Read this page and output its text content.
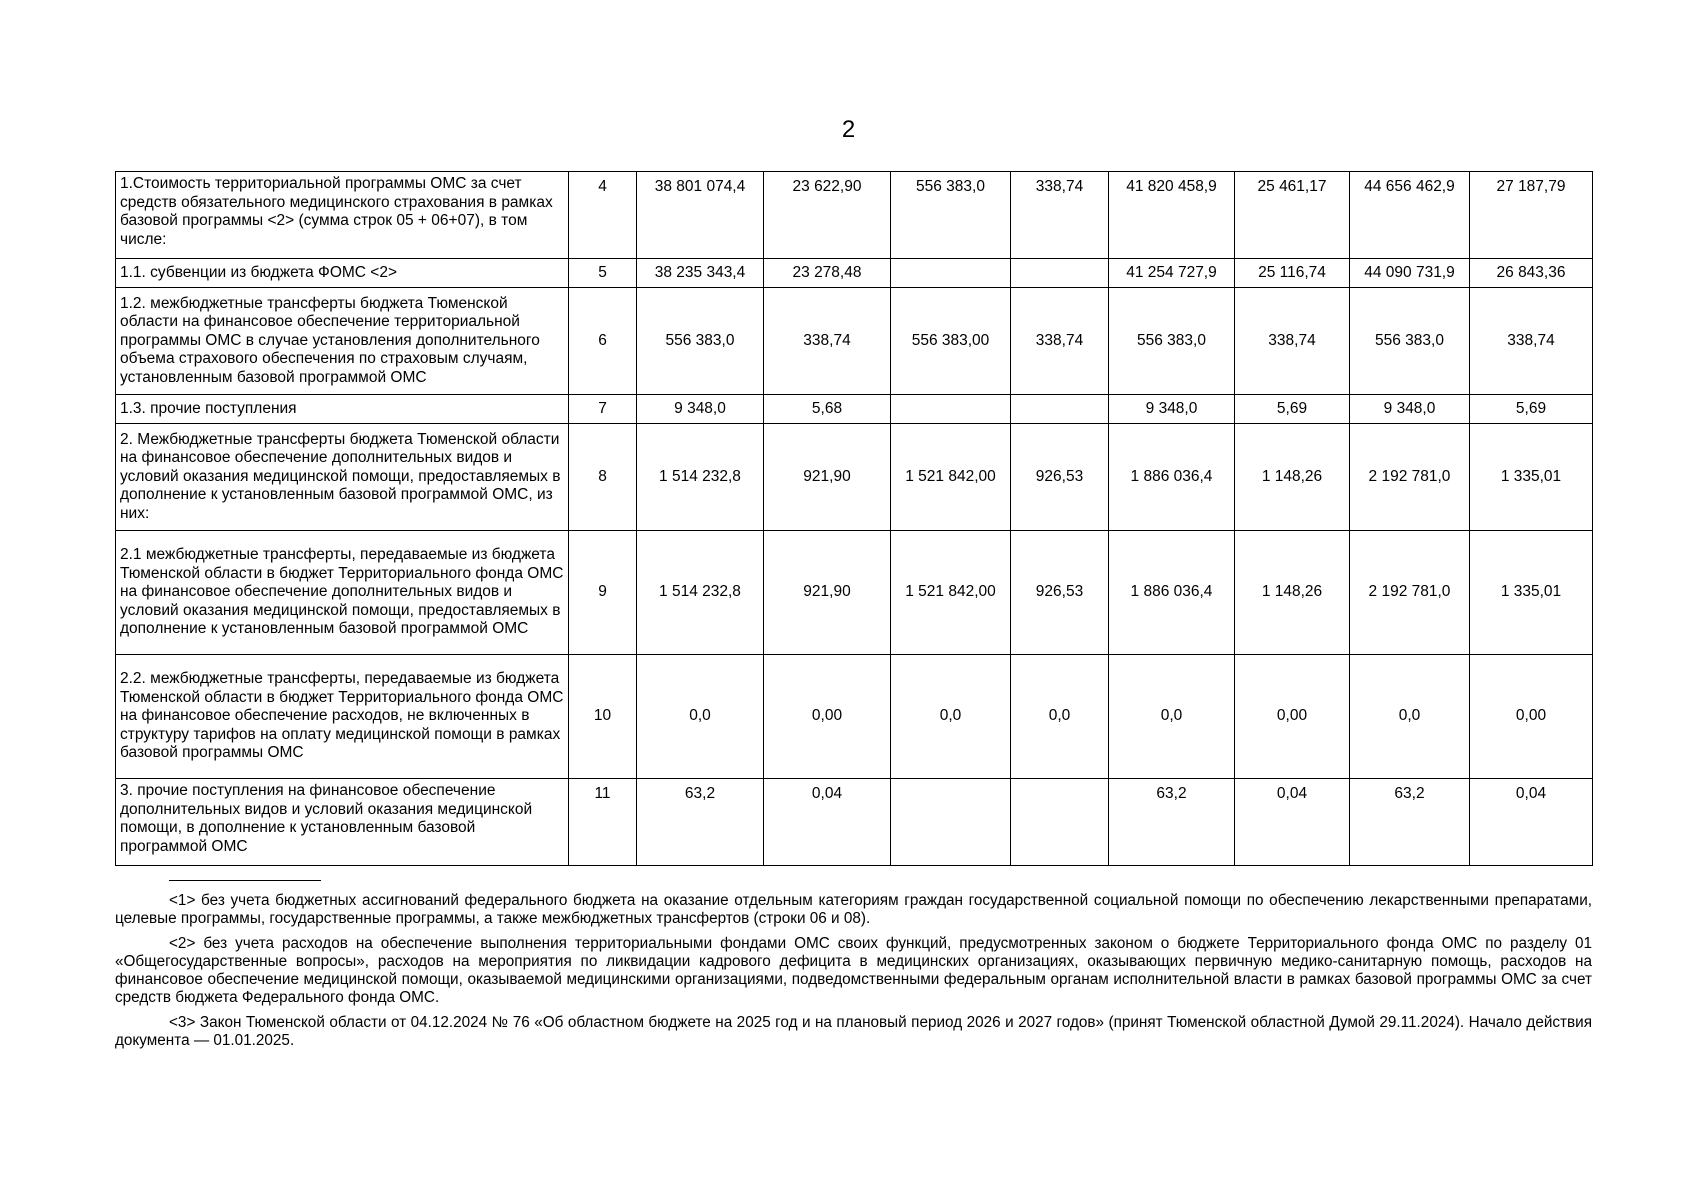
2
1.Стоимость территориальной программы ОМС за счет средств обязательного медицинского страхования в рамках базовой программы <2> (сумма строк 05 + 06+07), в том числе:	4	38 801 074,4	23 622,90	556 383,0	338,74	41 820 458,9	25 461,17	44 656 462,9	27 187,79
1.1. субвенции из бюджета ФОМС <2>	5	38 235 343,4	23 278,48			41 254 727,9	25 116,74	44 090 731,9	26 843,36
1.2. межбюджетные трансферты бюджета Тюменской области на финансовое обеспечение территориальной программы ОМС в случае установления дополнительного объема страхового обеспечения по страховым случаям, установленным базовой программой ОМС	6	556 383,0	338,74	556 383,00	338,74	556 383,0	338,74	556 383,0	338,74
1.3. прочие поступления	7	9 348,0	5,68			9 348,0	5,69	9 348,0	5,69
2. Межбюджетные трансферты бюджета Тюменской области на финансовое обеспечение дополнительных видов и условий оказания медицинской помощи, предоставляемых в дополнение к установленным базовой программой ОМС, из них:	8	1 514 232,8	921,90	1 521 842,00	926,53	1 886 036,4	1 148,26	2 192 781,0	1 335,01
2.1 межбюджетные трансферты, передаваемые из бюджета Тюменской области в бюджет Территориального фонда ОМС на финансовое обеспечение дополнительных видов и условий оказания медицинской помощи, предоставляемых в дополнение к установленным базовой программой ОМС	9	1 514 232,8	921,90	1 521 842,00	926,53	1 886 036,4	1 148,26	2 192 781,0	1 335,01
2.2. межбюджетные трансферты, передаваемые из бюджета Тюменской области в бюджет Территориального фонда ОМС на финансовое обеспечение расходов, не включенных в структуру тарифов на оплату медицинской помощи в рамках базовой программы ОМС	10	0,0	0,00	0,0	0,0	0,0	0,00	0,0	0,00
3. прочие поступления на финансовое обеспечение дополнительных видов и условий оказания медицинской помощи, в дополнение к установленным базовой программой ОМС	11	63,2	0,04			63,2	0,04	63,2	0,04

<1> без учета бюджетных ассигнований федерального бюджета на оказание отдельным категориям граждан государственной социальной помощи по обеспечению лекарственными препаратами, целевые программы, государственные программы, а также межбюджетных трансфертов (строки 06 и 08).

<2> без учета расходов на обеспечение выполнения территориальными фондами ОМС своих функций, предусмотренных законом о бюджете Территориального фонда ОМС по разделу 01 «Общегосударственные вопросы», расходов на мероприятия по ликвидации кадрового дефицита в медицинских организациях, оказывающих первичную медико-санитарную помощь, расходов на финансовое обеспечение медицинской помощи, оказываемой медицинскими организациями, подведомственными федеральным органам исполнительной власти в рамках базовой программы ОМС за счет средств бюджета Федерального фонда ОМС.

<3> Закон Тюменской области от 04.12.2024 № 76 «Об областном бюджете на 2025 год и на плановый период 2026 и 2027 годов» (принят Тюменской областной Думой 29.11.2024). Начало действия документа — 01.01.2025.
